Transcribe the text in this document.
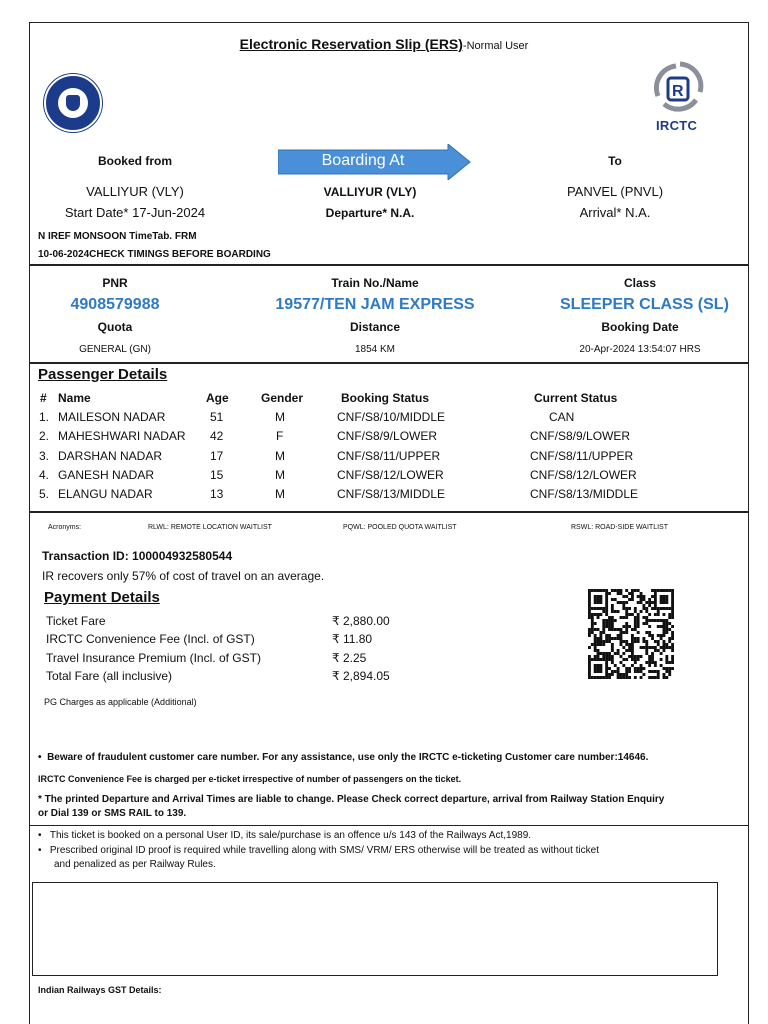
Electronic Reservation Slip (ERS)-Normal User
R
IRCTC
Booked from	Boarding At	To
VALLIYUR (VLY)	VALLIYUR (VLY)	PANVEL (PNVL)
Start Date* 17-Jun-2024	Departure* N.A.	Arrival* N.A.
N IREF MONSOON TimeTab. FRM
10-06-2024CHECK TIMINGS BEFORE BOARDING
PNR	Train No./Name	Class
4908579988	19577/TEN JAM EXPRESS	SLEEPER CLASS (SL)
Quota	Distance	Booking Date
GENERAL (GN)	1854 KM	20-Apr-2024 13:54:07 HRS
Passenger Details
# Name	Age	Gender	Booking Status	Current Status
1. MAILESON NADAR	51	M	CNF/S8/10/MIDDLE	CAN
2. MAHESHWARI NADAR 42	F	CNF/S8/9/LOWER	CNF/S8/9/LOWER
3. DARSHAN NADAR	17	M	CNF/S8/11/UPPER	CNF/S8/11/UPPER
4. GANESH NADAR	15	M	CNF/S8/12/LOWER	CNF/S8/12/LOWER
5. ELANGU NADAR	13	M	CNF/S8/13/MIDDLE	CNF/S8/13/MIDDLE
Acronyms:	RLWL: REMOTE LOCATION WAITLIST	PQWL: POOLED QUOTA WAITLIST	RSWL: ROAD-SIDE WAITLIST
Transaction ID: 100004932580544
IR recovers only 57% of cost of travel on an average.
Payment Details
Ticket Fare	₹ 2,880.00
IRCTC Convenience Fee (Incl. of GST)	₹ 11.80
Travel Insurance Premium (Incl. of GST)	₹ 2.25
Total Fare (all inclusive)	₹ 2,894.05
PG Charges as applicable (Additional)
•  Beware of fraudulent customer care number. For any assistance, use only the IRCTC e-ticketing Customer care number:14646.
IRCTC Convenience Fee is charged per e-ticket irrespective of number of passengers on the ticket.
* The printed Departure and Arrival Times are liable to change. Please Check correct departure, arrival from Railway Station Enquiry
or Dial 139 or SMS RAIL to 139.
•   This ticket is booked on a personal User ID, its sale/purchase is an offence u/s 143 of the Railways Act,1989.
•   Prescribed original ID proof is required while travelling along with SMS/ VRM/ ERS otherwise will be treated as without ticket
and penalized as per Railway Rules.
Indian Railways GST Details:
